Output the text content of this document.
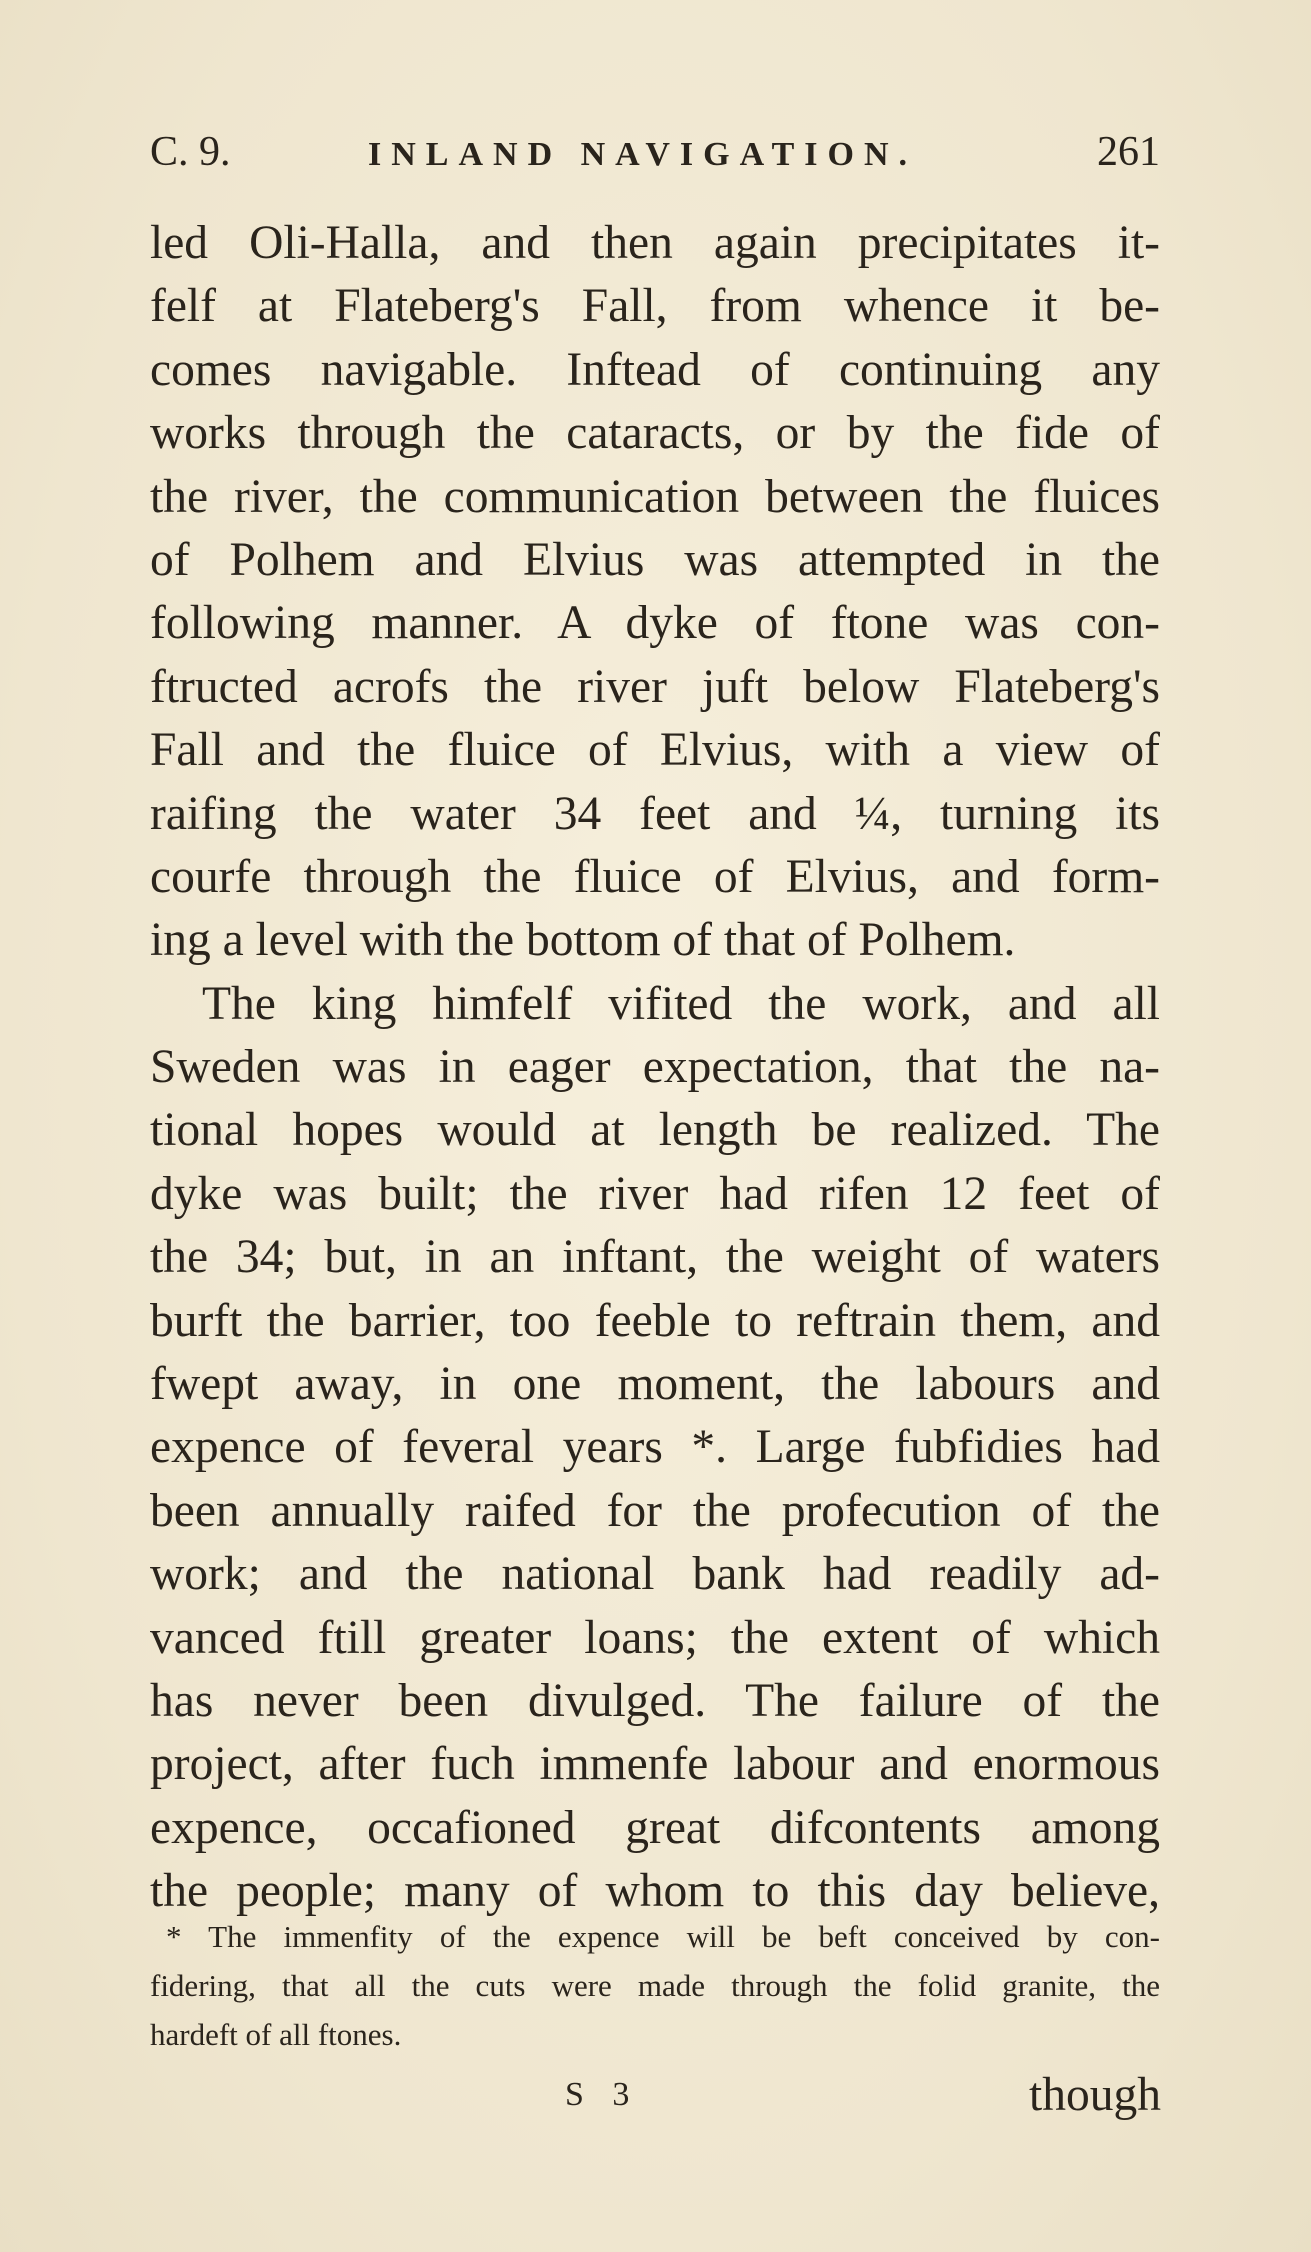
C. 9.	INLAND NAVIGATION.	261
led Oli-Halla, and then again precipitates it-
felf at Flateberg's Fall, from whence it be-
comes navigable. Inftead of continuing any
works through the cataracts, or by the fide of
the river, the communication between the fluices
of Polhem and Elvius was attempted in the
following manner. A dyke of ftone was con-
ftructed acrofs the river juft below Flateberg's
Fall and the fluice of Elvius, with a view of
raifing the water 34 feet and ¼, turning its
courfe through the fluice of Elvius, and form-
ing a level with the bottom of that of Polhem.
The king himfelf vifited the work, and all
Sweden was in eager expectation, that the na-
tional hopes would at length be realized. The
dyke was built; the river had rifen 12 feet of
the 34; but, in an inftant, the weight of waters
burft the barrier, too feeble to reftrain them, and
fwept away, in one moment, the labours and
expence of feveral years *. Large fubfidies had
been annually raifed for the profecution of the
work; and the national bank had readily ad-
vanced ftill greater loans; the extent of which
has never been divulged. The failure of the
project, after fuch immenfe labour and enormous
expence, occafioned great difcontents among
the people; many of whom to this day believe,
* The immenfity of the expence will be beft conceived by con-
fidering, that all the cuts were made through the folid granite, the
hardeft of all ftones.
S 3	though
